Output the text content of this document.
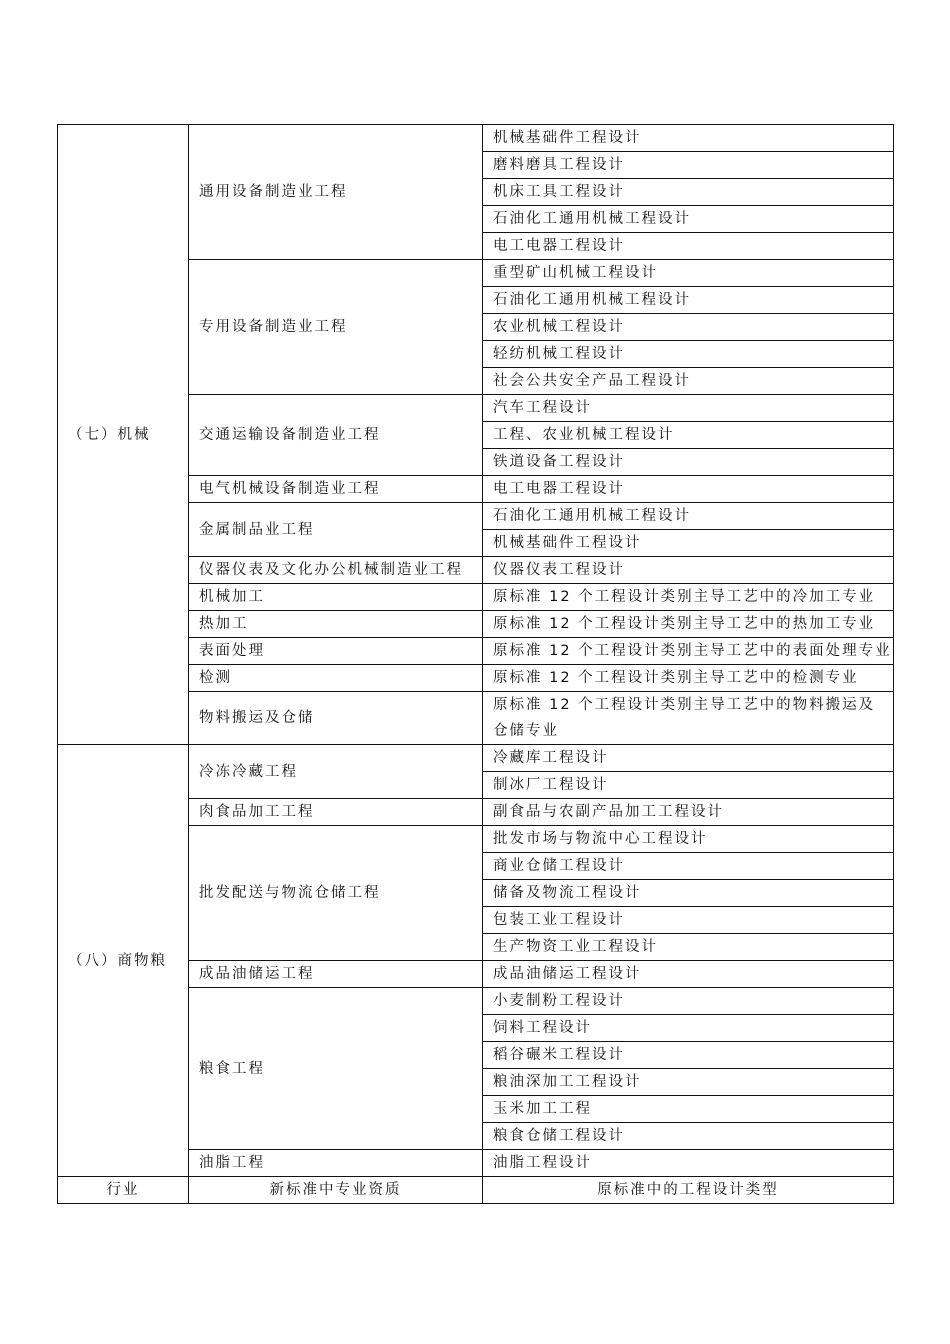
（七）机械	通用设备制造业工程	机械基础件工程设计
		磨料磨具工程设计
		机床工具工程设计
		石油化工通用机械工程设计
		电工电器工程设计
	专用设备制造业工程	重型矿山机械工程设计
		石油化工通用机械工程设计
		农业机械工程设计
		轻纺机械工程设计
		社会公共安全产品工程设计
	交通运输设备制造业工程	汽车工程设计
		工程、农业机械工程设计
		铁道设备工程设计
	电气机械设备制造业工程	电工电器工程设计
	金属制品业工程	石油化工通用机械工程设计
		机械基础件工程设计
	仪器仪表及文化办公机械制造业工程	仪器仪表工程设计
	机械加工	原标准 12 个工程设计类别主导工艺中的冷加工专业
	热加工	原标准 12 个工程设计类别主导工艺中的热加工专业
	表面处理	原标准 12 个工程设计类别主导工艺中的表面处理专业
	检测	原标准 12 个工程设计类别主导工艺中的检测专业
	物料搬运及仓储	原标准 12 个工程设计类别主导工艺中的物料搬运及仓储专业
（八）商物粮	冷冻冷藏工程	冷藏库工程设计
		制冰厂工程设计
	肉食品加工工程	副食品与农副产品加工工程设计
	批发配送与物流仓储工程	批发市场与物流中心工程设计
		商业仓储工程设计
		储备及物流工程设计
		包装工业工程设计
		生产物资工业工程设计
	成品油储运工程	成品油储运工程设计
	粮食工程	小麦制粉工程设计
		饲料工程设计
		稻谷碾米工程设计
		粮油深加工工程设计
		玉米加工工程
		粮食仓储工程设计
	油脂工程	油脂工程设计
行业	新标准中专业资质	原标准中的工程设计类型
